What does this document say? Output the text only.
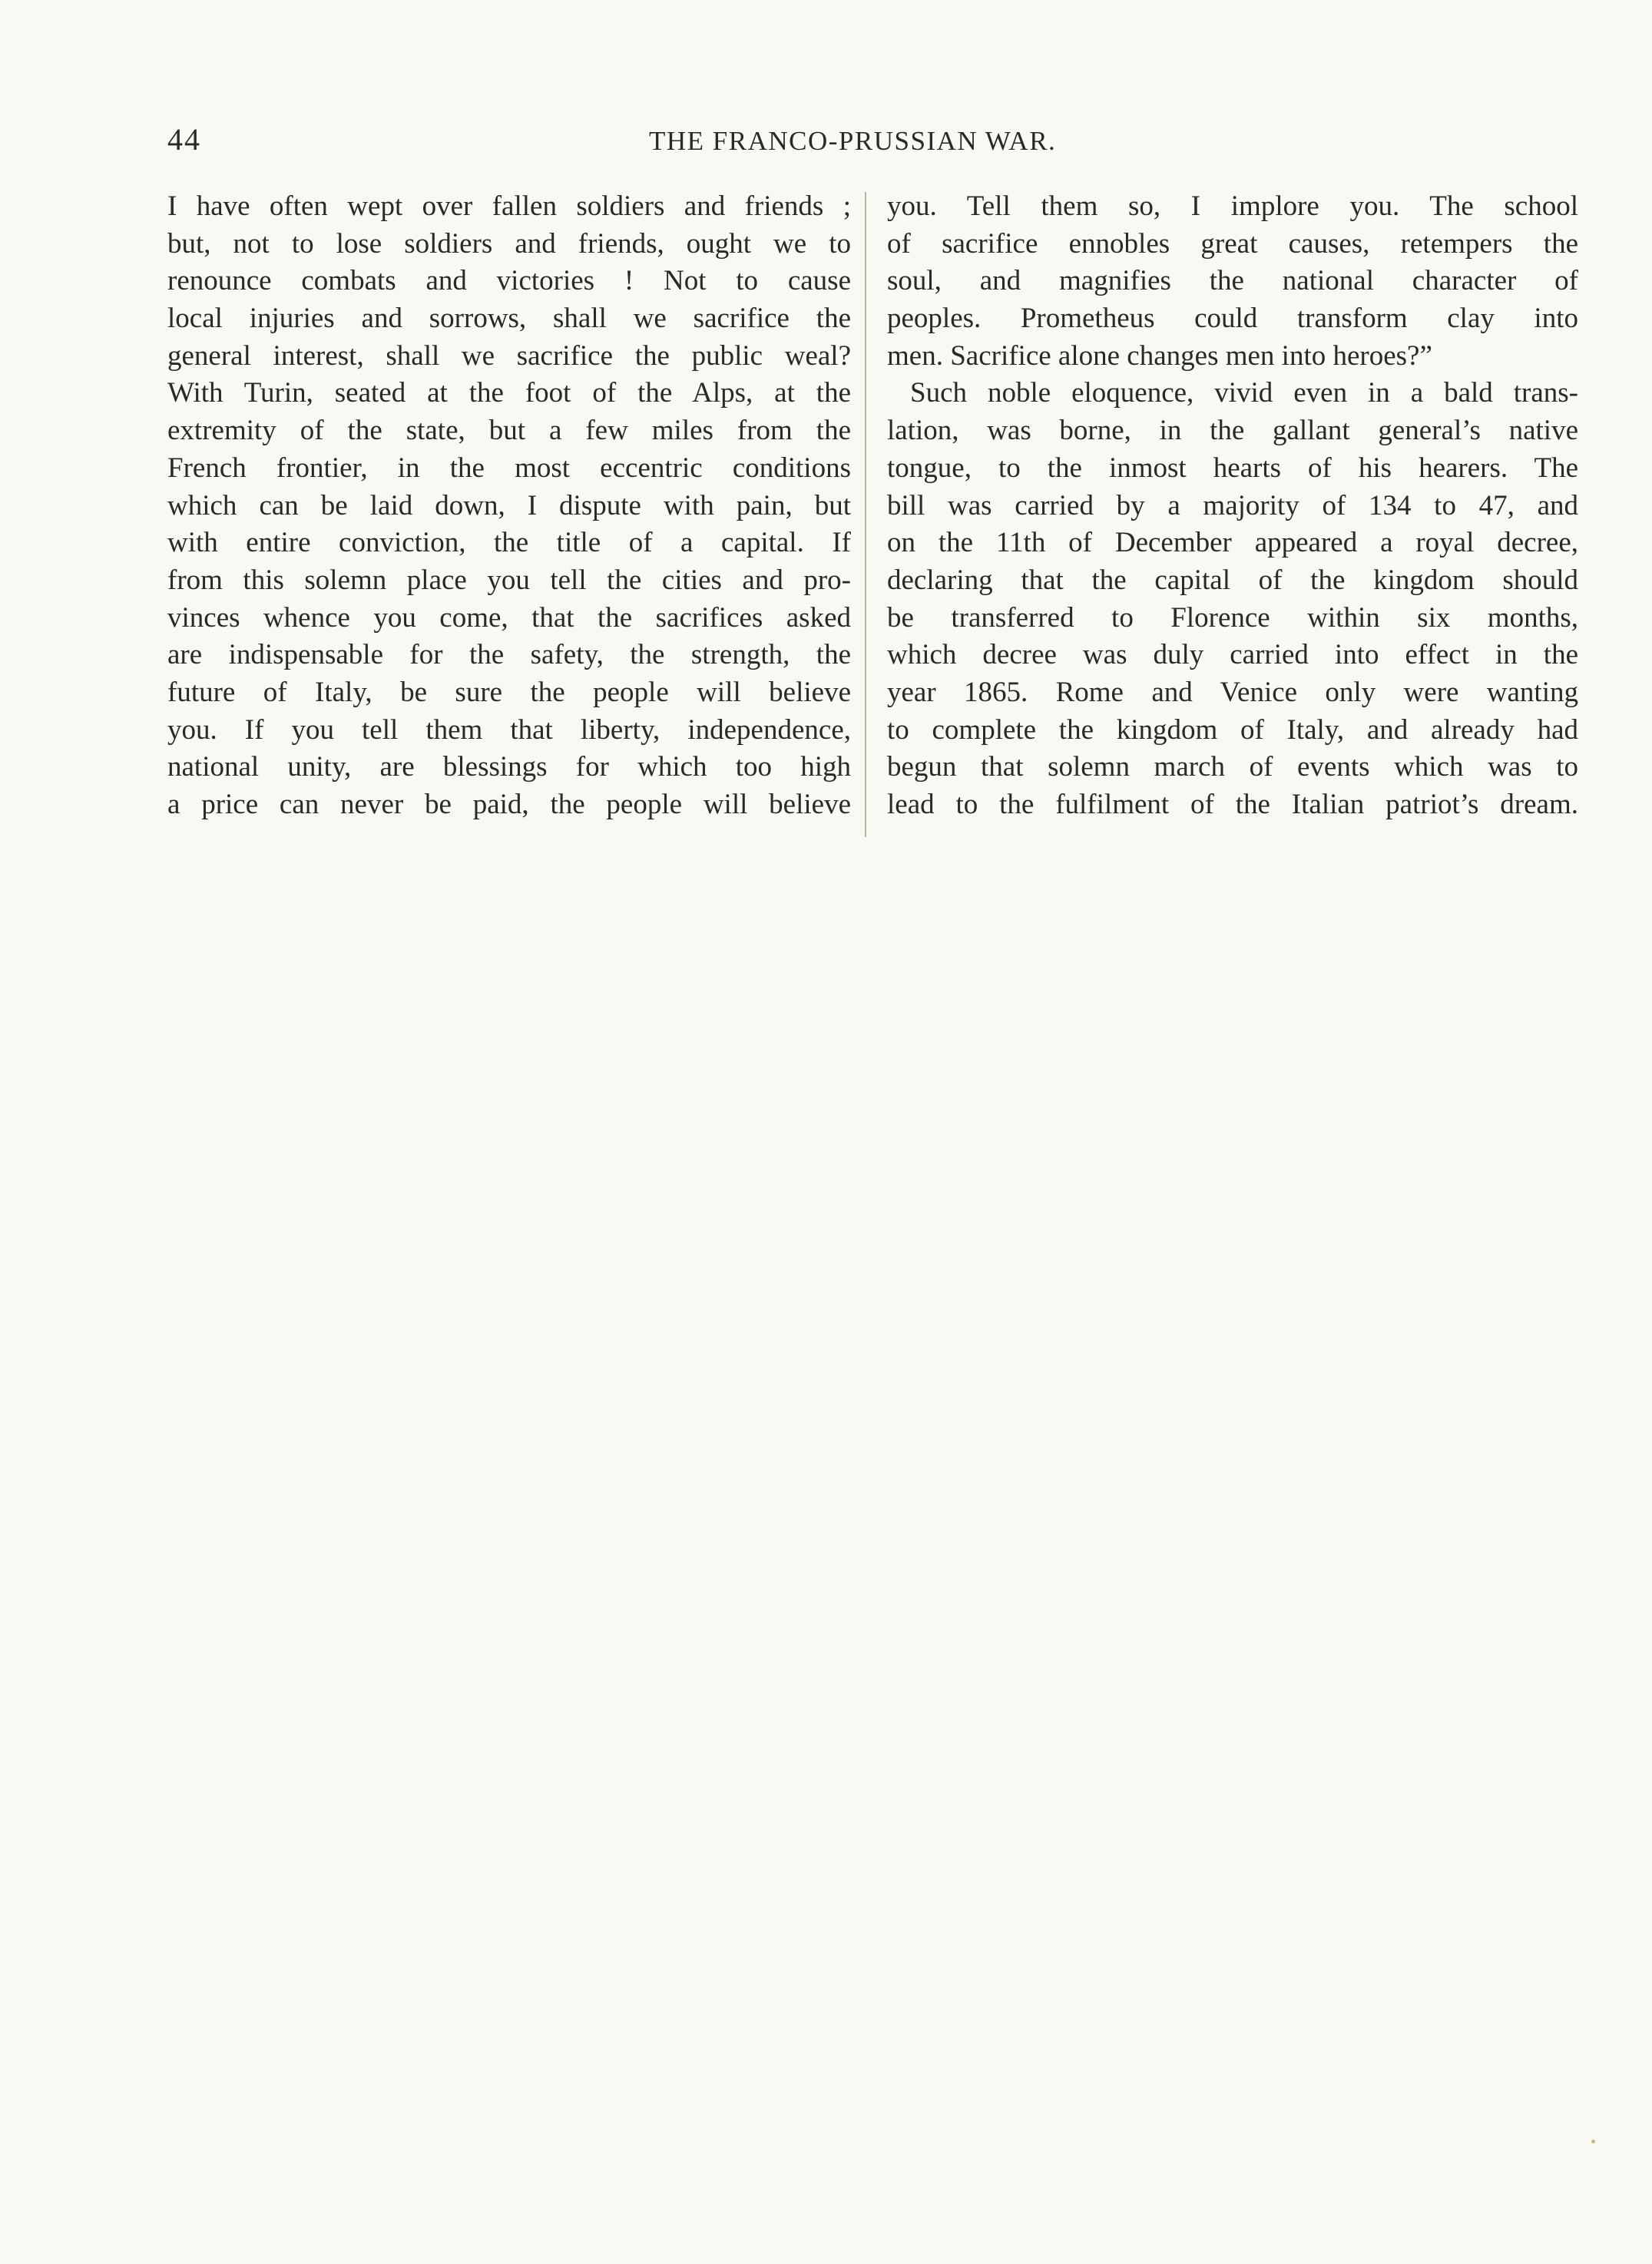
44	THE FRANCO-PRUSSIAN WAR.
I have often wept over fallen soldiers and friends ;
but, not to lose soldiers and friends, ought we to
renounce combats and victories ! Not to cause
local injuries and sorrows, shall we sacrifice the
general interest, shall we sacrifice the public weal?
With Turin, seated at the foot of the Alps, at the
extremity of the state, but a few miles from the
French frontier, in the most eccentric conditions
which can be laid down, I dispute with pain, but
with entire conviction, the title of a capital. If
from this solemn place you tell the cities and pro-
vinces whence you come, that the sacrifices asked
are indispensable for the safety, the strength, the
future of Italy, be sure the people will believe
you. If you tell them that liberty, independence,
national unity, are blessings for which too high
a price can never be paid, the people will believe
you. Tell them so, I implore you. The school
of sacrifice ennobles great causes, retempers the
soul, and magnifies the national character of
peoples. Prometheus could transform clay into
men. Sacrifice alone changes men into heroes?”
Such noble eloquence, vivid even in a bald trans-
lation, was borne, in the gallant general’s native
tongue, to the inmost hearts of his hearers. The
bill was carried by a majority of 134 to 47, and
on the 11th of December appeared a royal decree,
declaring that the capital of the kingdom should
be transferred to Florence within six months,
which decree was duly carried into effect in the
year 1865. Rome and Venice only were wanting
to complete the kingdom of Italy, and already had
begun that solemn march of events which was to
lead to the fulfilment of the Italian patriot’s dream.
